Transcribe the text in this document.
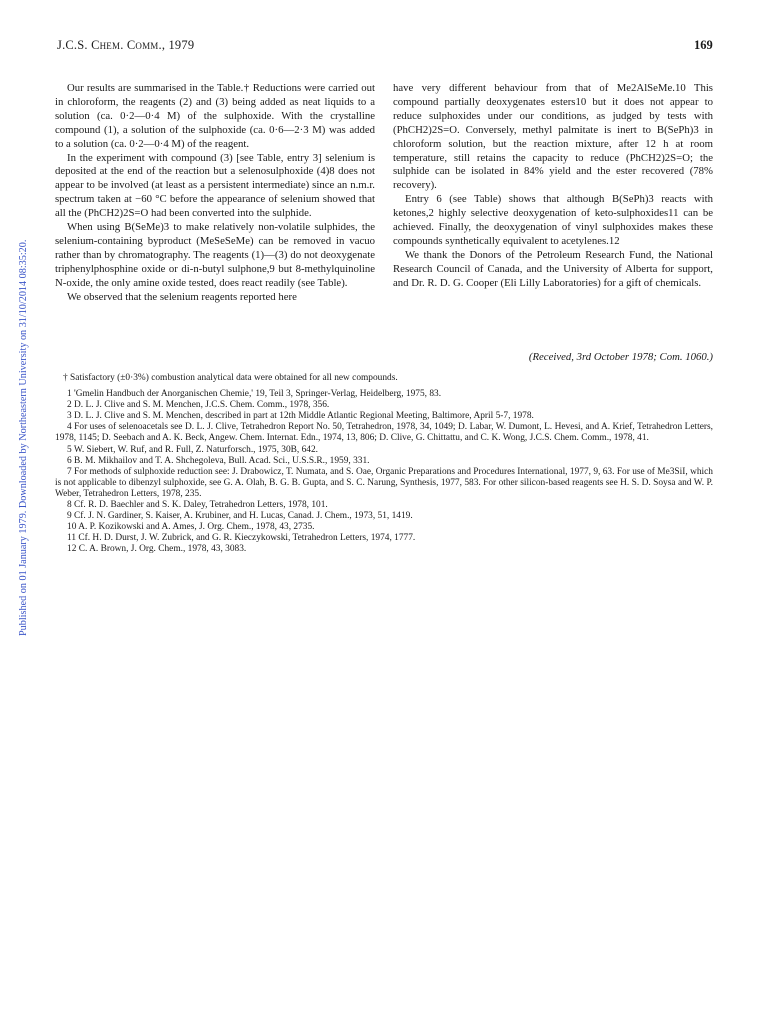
J.C.S. Chem. Comm., 1979	169
Published on 01 January 1979. Downloaded by Northeastern University on 31/10/2014 08:35:20.

Our results are summarised in the Table.† Reductions were carried out in chloroform, the reagents (2) and (3) being added as neat liquids to a solution (ca. 0·2—0·4 M) of the sulphoxide. With the crystalline compound (1), a solution of the sulphoxide (ca. 0·6—2·3 M) was added to a solution (ca. 0·2—0·4 M) of the reagent.

In the experiment with compound (3) [see Table, entry 3] selenium is deposited at the end of the reaction but a selenosulphoxide (4)8 does not appear to be involved (at least as a persistent intermediate) since an n.m.r. spectrum taken at −60 °C before the appearance of selenium showed that all the (PhCH2)2S=O had been converted into the sulphide.

When using B(SeMe)3 to make relatively non-volatile sulphides, the selenium-containing byproduct (MeSeSeMe) can be removed in vacuo rather than by chromatography. The reagents (1)—(3) do not deoxygenate triphenylphosphine oxide or di-n-butyl sulphone,9 but 8-methylquinoline N-oxide, the only amine oxide tested, does react readily (see Table).

We observed that the selenium reagents reported here

have very different behaviour from that of Me2AlSeMe.10 This compound partially deoxygenates esters10 but it does not appear to reduce sulphoxides under our conditions, as judged by tests with (PhCH2)2S=O. Conversely, methyl palmitate is inert to B(SePh)3 in chloroform solution, but the reaction mixture, after 12 h at room temperature, still retains the capacity to reduce (PhCH2)2S=O; the sulphide can be isolated in 84% yield and the ester recovered (78% recovery).

Entry 6 (see Table) shows that although B(SePh)3 reacts with ketones,2 highly selective deoxygenation of keto-sulphoxides11 can be achieved. Finally, the deoxygenation of vinyl sulphoxides makes these compounds synthetically equivalent to acetylenes.12

We thank the Donors of the Petroleum Research Fund, the National Research Council of Canada, and the University of Alberta for support, and Dr. R. D. G. Cooper (Eli Lilly Laboratories) for a gift of chemicals.

(Received, 3rd October 1978; Com. 1060.)

† Satisfactory (±0·3%) combustion analytical data were obtained for all new compounds.

1 'Gmelin Handbuch der Anorganischen Chemie,' 19, Teil 3, Springer-Verlag, Heidelberg, 1975, 83.

2 D. L. J. Clive and S. M. Menchen, J.C.S. Chem. Comm., 1978, 356.

3 D. L. J. Clive and S. M. Menchen, described in part at 12th Middle Atlantic Regional Meeting, Baltimore, April 5-7, 1978.

4 For uses of selenoacetals see D. L. J. Clive, Tetrahedron Report No. 50, Tetrahedron, 1978, 34, 1049; D. Labar, W. Dumont, L. Hevesi, and A. Krief, Tetrahedron Letters, 1978, 1145; D. Seebach and A. K. Beck, Angew. Chem. Internat. Edn., 1974, 13, 806; D. Clive, G. Chittattu, and C. K. Wong, J.C.S. Chem. Comm., 1978, 41.

5 W. Siebert, W. Ruf, and R. Full, Z. Naturforsch., 1975, 30B, 642.

6 B. M. Mikhailov and T. A. Shchegoleva, Bull. Acad. Sci., U.S.S.R., 1959, 331.

7 For methods of sulphoxide reduction see: J. Drabowicz, T. Numata, and S. Oae, Organic Preparations and Procedures International, 1977, 9, 63. For use of Me3SiI, which is not applicable to dibenzyl sulphoxide, see G. A. Olah, B. G. B. Gupta, and S. C. Narung, Synthesis, 1977, 583. For other silicon-based reagents see H. S. D. Soysa and W. P. Weber, Tetrahedron Letters, 1978, 235.

8 Cf. R. D. Baechler and S. K. Daley, Tetrahedron Letters, 1978, 101.

9 Cf. J. N. Gardiner, S. Kaiser, A. Krubiner, and H. Lucas, Canad. J. Chem., 1973, 51, 1419.

10 A. P. Kozikowski and A. Ames, J. Org. Chem., 1978, 43, 2735.

11 Cf. H. D. Durst, J. W. Zubrick, and G. R. Kieczykowski, Tetrahedron Letters, 1974, 1777.

12 C. A. Brown, J. Org. Chem., 1978, 43, 3083.
